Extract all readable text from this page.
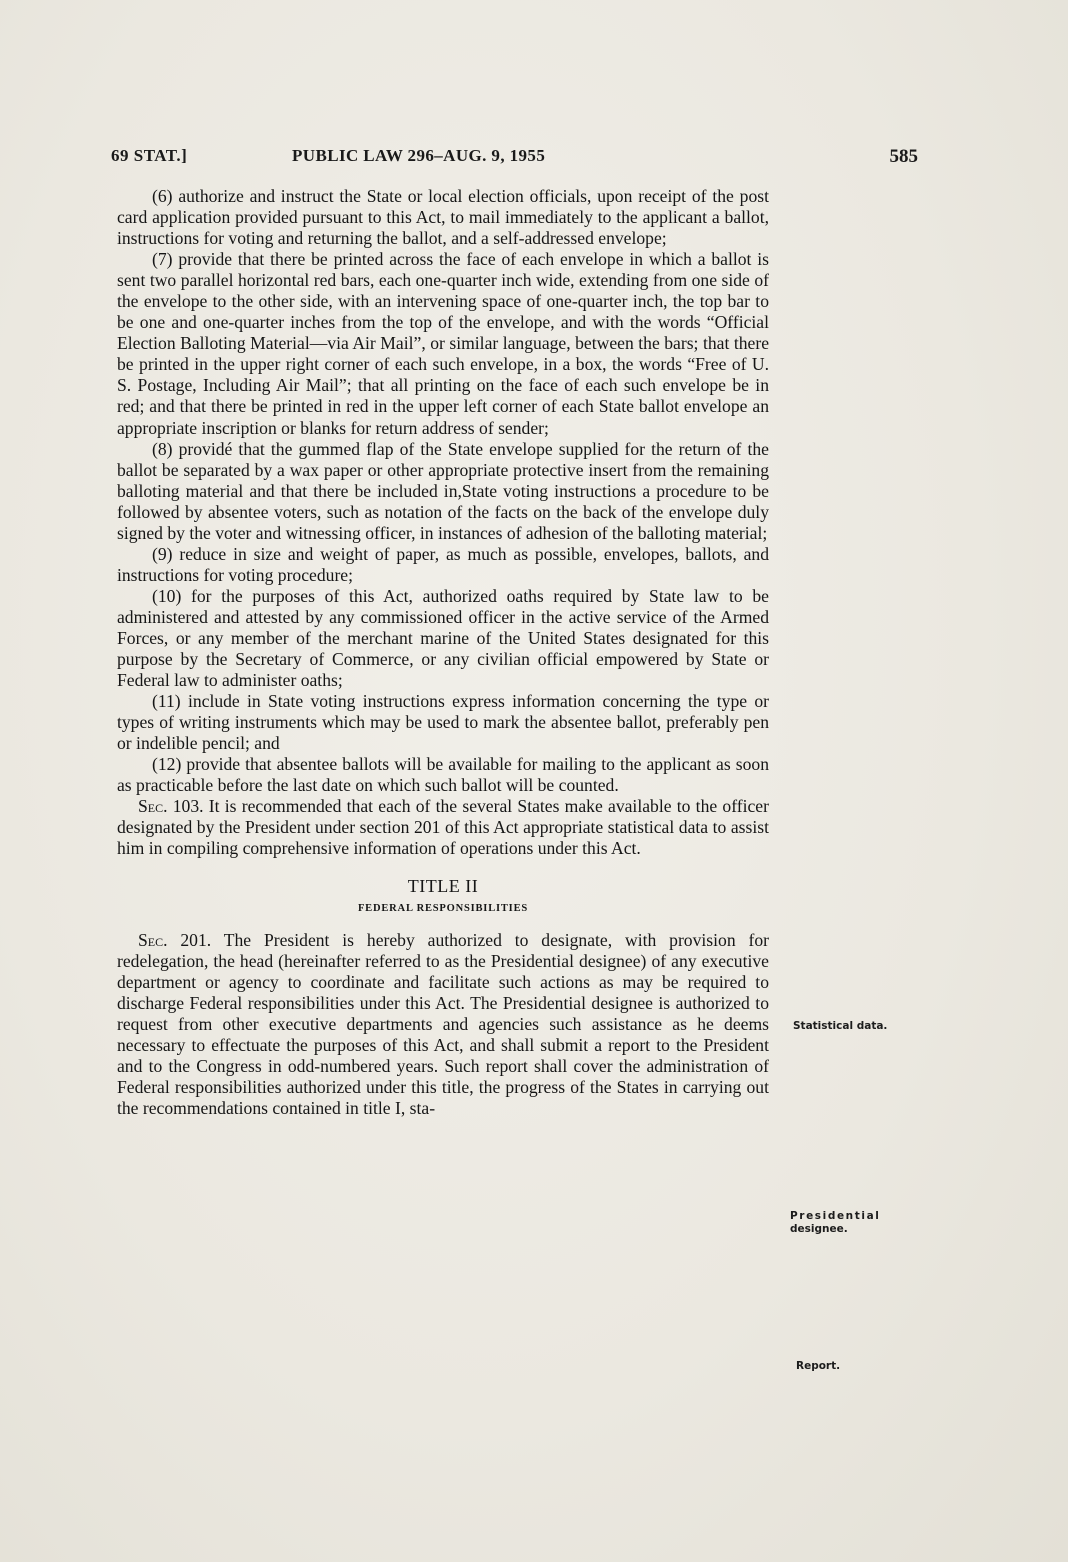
69 STAT.]	PUBLIC LAW 296–AUG. 9, 1955	585

(6) authorize and instruct the State or local election officials, upon receipt of the post card application provided pursuant to this Act, to mail immediately to the applicant a ballot, instructions for voting and returning the ballot, and a self-addressed envelope;

(7) provide that there be printed across the face of each envelope in which a ballot is sent two parallel horizontal red bars, each one-quarter inch wide, extending from one side of the envelope to the other side, with an intervening space of one-quarter inch, the top bar to be one and one-quarter inches from the top of the envelope, and with the words “Official Election Balloting Material—via Air Mail”, or similar language, between the bars; that there be printed in the upper right corner of each such envelope, in a box, the words “Free of U. S. Postage, Including Air Mail”; that all printing on the face of each such envelope be in red; and that there be printed in red in the upper left corner of each State ballot envelope an appropriate inscription or blanks for return address of sender;

(8) providé that the gummed flap of the State envelope supplied for the return of the ballot be separated by a wax paper or other appropriate protective insert from the remaining balloting material and that there be included in,State voting instructions a procedure to be followed by absentee voters, such as notation of the facts on the back of the envelope duly signed by the voter and witnessing officer, in instances of adhesion of the balloting material;

(9) reduce in size and weight of paper, as much as possible, envelopes, ballots, and instructions for voting procedure;

(10) for the purposes of this Act, authorized oaths required by State law to be administered and attested by any commissioned officer in the active service of the Armed Forces, or any member of the merchant marine of the United States designated for this purpose by the Secretary of Commerce, or any civilian official empowered by State or Federal law to administer oaths;

(11) include in State voting instructions express information concerning the type or types of writing instruments which may be used to mark the absentee ballot, preferably pen or indelible pencil; and

(12) provide that absentee ballots will be available for mailing to the applicant as soon as practicable before the last date on which such ballot will be counted.

Sec. 103. It is recommended that each of the several States make available to the officer designated by the President under section 201 of this Act appropriate statistical data to assist him in compiling comprehensive information of operations under this Act.

TITLE II
FEDERAL RESPONSIBILITIES

Sec. 201. The President is hereby authorized to designate, with provision for redelegation, the head (hereinafter referred to as the Presidential designee) of any executive department or agency to coordinate and facilitate such actions as may be required to discharge Federal responsibilities under this Act. The Presidential designee is authorized to request from other executive departments and agencies such assistance as he deems necessary to effectuate the purposes of this Act, and shall submit a report to the President and to the Congress in odd-numbered years. Such report shall cover the administration of Federal responsibilities authorized under this title, the progress of the States in carrying out the recommendations contained in title I, sta-

Statistical data.
Presidential
designee.
Report.
